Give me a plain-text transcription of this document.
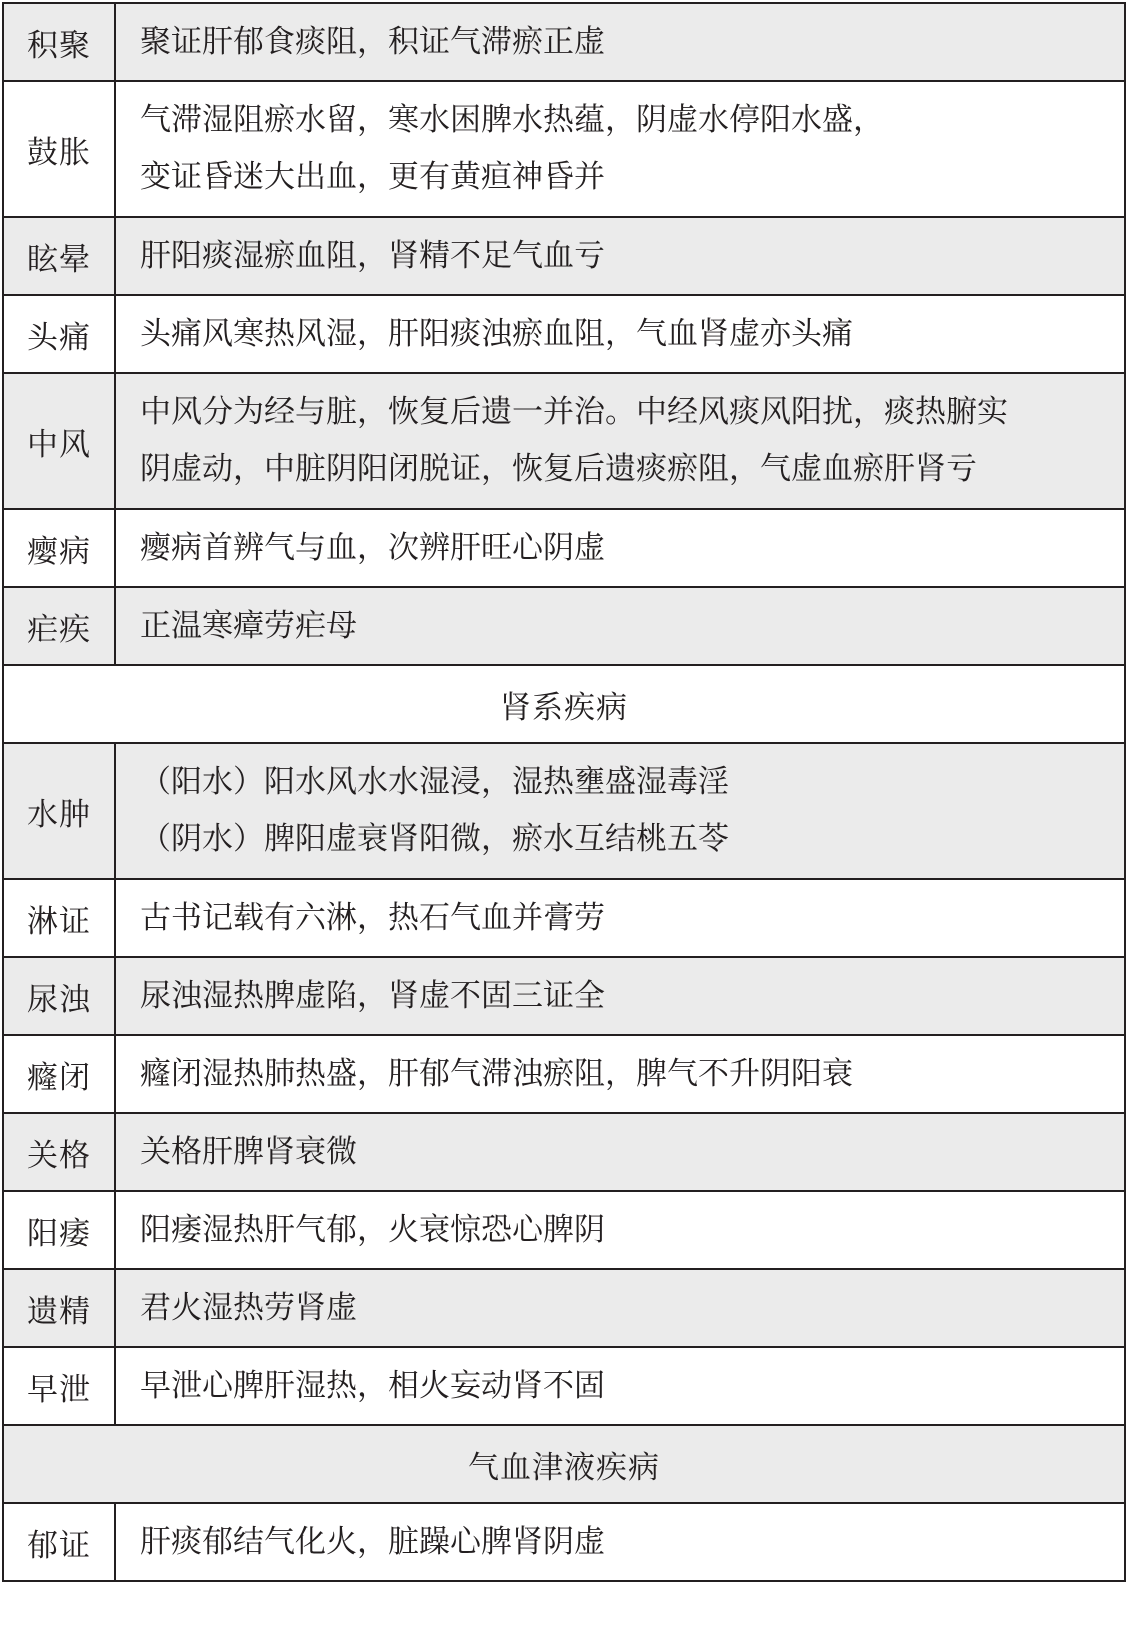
积聚	聚证肝郁食痰阻，积证气滞瘀正虚

鼓胀	气滞湿阻瘀水留，寒水困脾水热蕴，阴虚水停阳水盛，
变证昏迷大出血，更有黄疸神昏并

眩晕	肝阳痰湿瘀血阻，肾精不足气血亏

头痛	头痛风寒热风湿，肝阳痰浊瘀血阻，气血肾虚亦头痛

中风	中风分为经与脏，恢复后遗一并治。中经风痰风阳扰，痰热腑实
阴虚动，中脏阴阳闭脱证，恢复后遗痰瘀阻，气虚血瘀肝肾亏

瘿病	瘿病首辨气与血，次辨肝旺心阴虚

疟疾	正温寒瘴劳疟母

肾系疾病	
水肿	（阳水）阳水风水水湿浸，湿热壅盛湿毒淫
（阴水）脾阳虚衰肾阳微，瘀水互结桃五苓

淋证	古书记载有六淋，热石气血并膏劳

尿浊	尿浊湿热脾虚陷，肾虚不固三证全

癃闭	癃闭湿热肺热盛，肝郁气滞浊瘀阻，脾气不升阴阳衰

关格	关格肝脾肾衰微

阳痿	阳痿湿热肝气郁，火衰惊恐心脾阴

遗精	君火湿热劳肾虚

早泄	早泄心脾肝湿热，相火妄动肾不固

气血津液疾病	
郁证	肝痰郁结气化火，脏躁心脾肾阴虚
